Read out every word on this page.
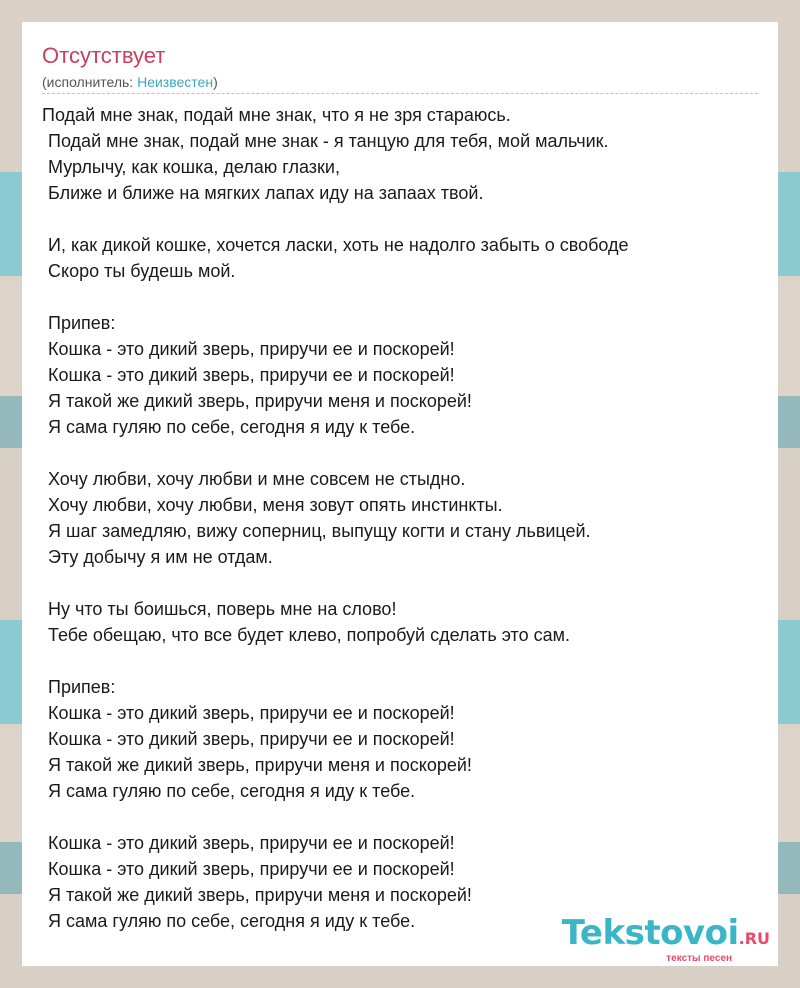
Отсутствует
(исполнитель: Неизвестен)
Подай мне знак, подай мне знак, что я не зря стараюсь.
Подай мне знак, подай мне знак - я танцую для тебя, мой мальчик.
Мурлычу, как кошка, делаю глазки,
Ближе и ближе на мягких лапах иду на запаах твой.
И, как дикой кошке, хочется ласки, хоть не надолго забыть о свободе
Скоро ты будешь мой.
Припев:
Кошка - это дикий зверь, приручи ее и поскорей!
Кошка - это дикий зверь, приручи ее и поскорей!
Я такой же дикий зверь, приручи меня и поскорей!
Я сама гуляю по себе, сегодня я иду к тебе.
Хочу любви, хочу любви и мне совсем не стыдно.
Хочу любви, хочу любви, меня зовут опять инстинкты.
Я шаг замедляю, вижу соперниц, выпущу когти и стану львицей.
Эту добычу я им не отдам.
Ну что ты боишься, поверь мне на слово!
Тебе обещаю, что все будет клево, попробуй сделать это сам.
Припев:
Кошка - это дикий зверь, приручи ее и поскорей!
Кошка - это дикий зверь, приручи ее и поскорей!
Я такой же дикий зверь, приручи меня и поскорей!
Я сама гуляю по себе, сегодня я иду к тебе.
Кошка - это дикий зверь, приручи ее и поскорей!
Кошка - это дикий зверь, приручи ее и поскорей!
Я такой же дикий зверь, приручи меня и поскорей!
Я сама гуляю по себе, сегодня я иду к тебе.	Tekstovoi.RU
тексты песен
